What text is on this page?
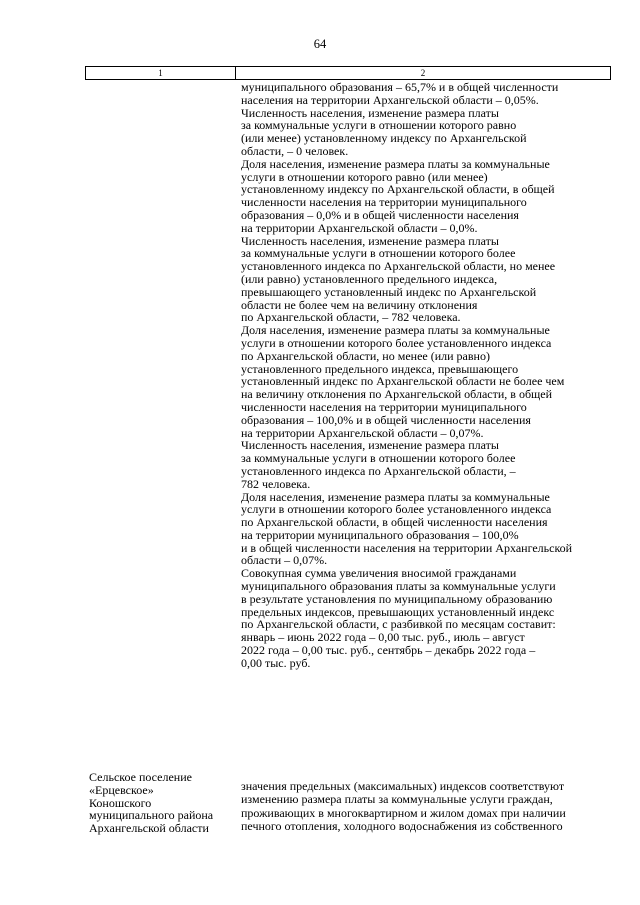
64
1	2
муниципального образования – 65,7% и в общей численности
населения на территории Архангельской области – 0,05%.
Численность населения, изменение размера платы
за коммунальные услуги в отношении которого равно
(или менее) установленному индексу по Архангельской
области, – 0 человек.
Доля населения, изменение размера платы за коммунальные
услуги в отношении которого равно (или менее)
установленному индексу по Архангельской области, в общей
численности населения на территории муниципального
образования – 0,0% и в общей численности населения
на территории Архангельской области – 0,0%.
Численность населения, изменение размера платы
за коммунальные услуги в отношении которого более
установленного индекса по Архангельской области, но менее
(или равно) установленного предельного индекса,
превышающего установленный индекс по Архангельской
области не более чем на величину отклонения
по Архангельской области, – 782 человека.
Доля населения, изменение размера платы за коммунальные
услуги в отношении которого более установленного индекса
по Архангельской области, но менее (или равно)
установленного предельного индекса, превышающего
установленный индекс по Архангельской области не более чем
на величину отклонения по Архангельской области, в общей
численности населения на территории муниципального
образования – 100,0% и в общей численности населения
на территории Архангельской области – 0,07%.
Численность населения, изменение размера платы
за коммунальные услуги в отношении которого более
установленного индекса по Архангельской области, –
782 человека.
Доля населения, изменение размера платы за коммунальные
услуги в отношении которого более установленного индекса
по Архангельской области, в общей численности населения
на территории муниципального образования – 100,0%
и в общей численности населения на территории Архангельской
области – 0,07%.
Совокупная сумма увеличения вносимой гражданами
муниципального образования платы за коммунальные услуги
в результате установления по муниципальному образованию
предельных индексов, превышающих установленный индекс
по Архангельской области, с разбивкой по месяцам составит:
январь – июнь 2022 года – 0,00 тыс. руб., июль – август
2022 года – 0,00 тыс. руб., сентябрь – декабрь 2022 года –
0,00 тыс. руб.
Сельское поселение
«Ерцевское»
Коношского
муниципального района
Архангельской области
значения предельных (максимальных) индексов соответствуют
изменению размера платы за коммунальные услуги граждан,
проживающих в многоквартирном и жилом домах при наличии
печного отопления, холодного водоснабжения из собственного
